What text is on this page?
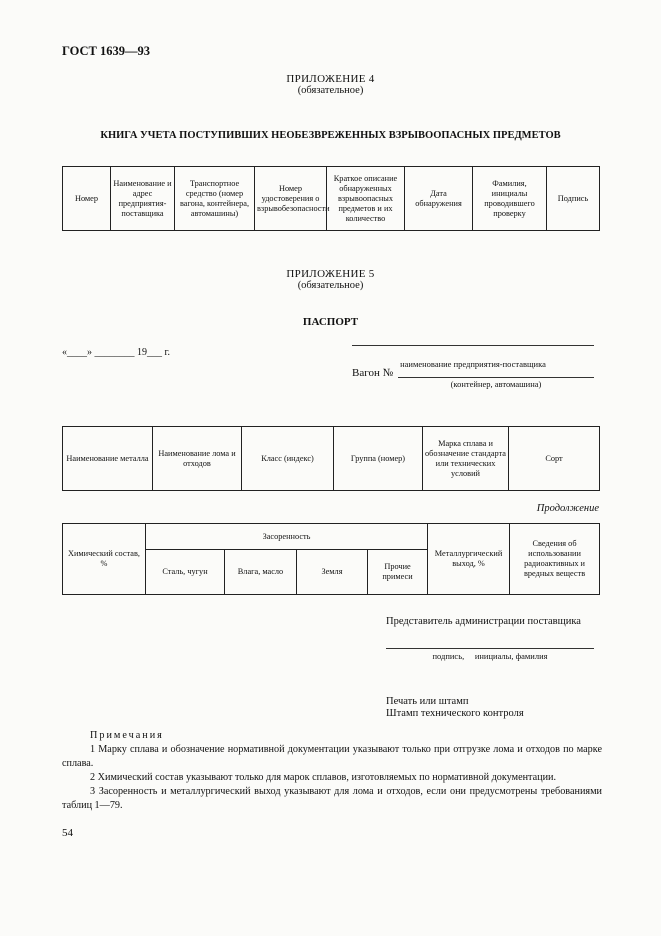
ГОСТ 1639—93
ПРИЛОЖЕНИЕ 4
(обязательное)
КНИГА УЧЕТА ПОСТУПИВШИХ НЕОБЕЗВРЕЖЕННЫХ ВЗРЫВООПАСНЫХ ПРЕДМЕТОВ
Номер	Наименование и адрес предприятия-поставщика	Транспортное средство (номер вагона, контейнера, автомашины)	Номер удостоверения о взрывобезопасности	Краткое описание обнаруженных взрывоопасных предметов и их количество	Дата обнаружения	Фамилия, инициалы проводившего проверку	Подпись
ПРИЛОЖЕНИЕ 5
(обязательное)
ПАСПОРТ
«____» ________ 19___ г.
наименование предприятия-поставщика
Вагон №
(контейнер, автомашина)
Наименование металла	Наименование лома и отходов	Класс (индекс)	Группа (номер)	Марка сплава и обозначение стандарта или технических условий	Сорт
Продолжение
Химический состав, %	Засоренность				Металлургический выход, %	Сведения об использовании радиоактивных и вредных веществ
	Сталь, чугун	Влага, масло	Земля	Прочие примеси		
Представитель администрации поставщика
подпись,     инициалы, фамилия
Печать или штамп
Штамп технического контроля

Примечания

1 Марку сплава и обозначение нормативной документации указывают только при отгрузке лома и отходов по марке сплава.

2 Химический состав указывают только для марок сплавов, изготовляемых по нормативной документации.

3 Засоренность и металлургический выход указывают для лома и отходов, если они предусмотрены требованиями таблиц 1—79.

54
